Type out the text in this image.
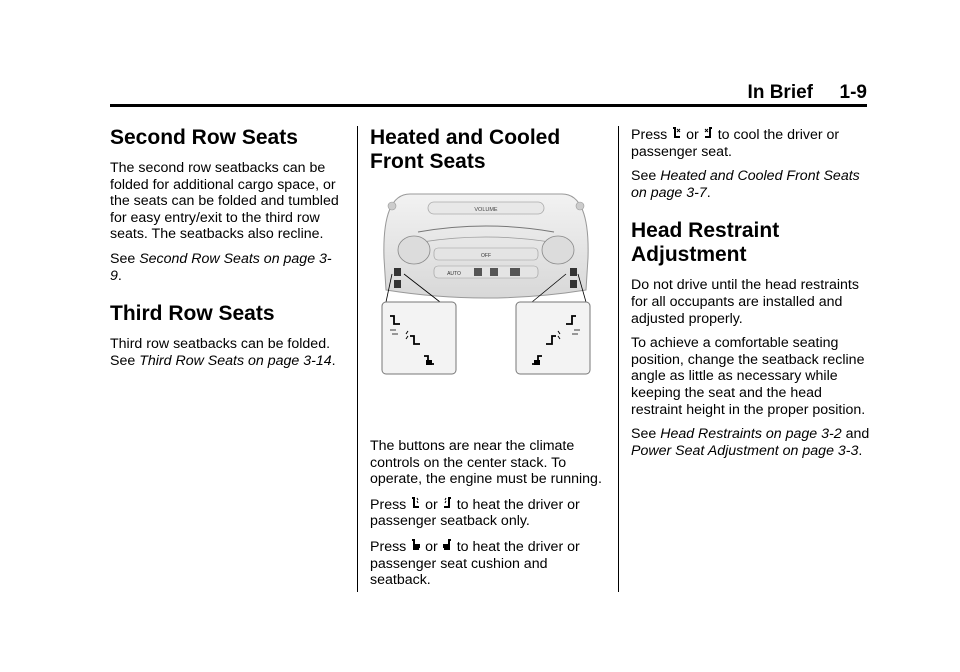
In Brief 1-9
Second Row Seats

The second row seatbacks can be folded for additional cargo space, or the seats can be folded and tumbled for easy entry/exit to the third row seats. The seatbacks also recline.

See Second Row Seats on page 3-9.

Third Row Seats

Third row seatbacks can be folded. See Third Row Seats on page 3-14.

Heated and Cooled Front Seats
VOLUME
OFF
AUTO

The buttons are near the climate controls on the center stack. To operate, the engine must be running.

Press or to heat the driver or passenger seatback only.

Press or to heat the driver or passenger seat cushion and seatback.

Press or to cool the driver or passenger seat.

See Heated and Cooled Front Seats on page 3-7.

Head Restraint Adjustment

Do not drive until the head restraints for all occupants are installed and adjusted properly.

To achieve a comfortable seating position, change the seatback recline angle as little as necessary while keeping the seat and the head restraint height in the proper position.

See Head Restraints on page 3-2 and Power Seat Adjustment on page 3-3.
